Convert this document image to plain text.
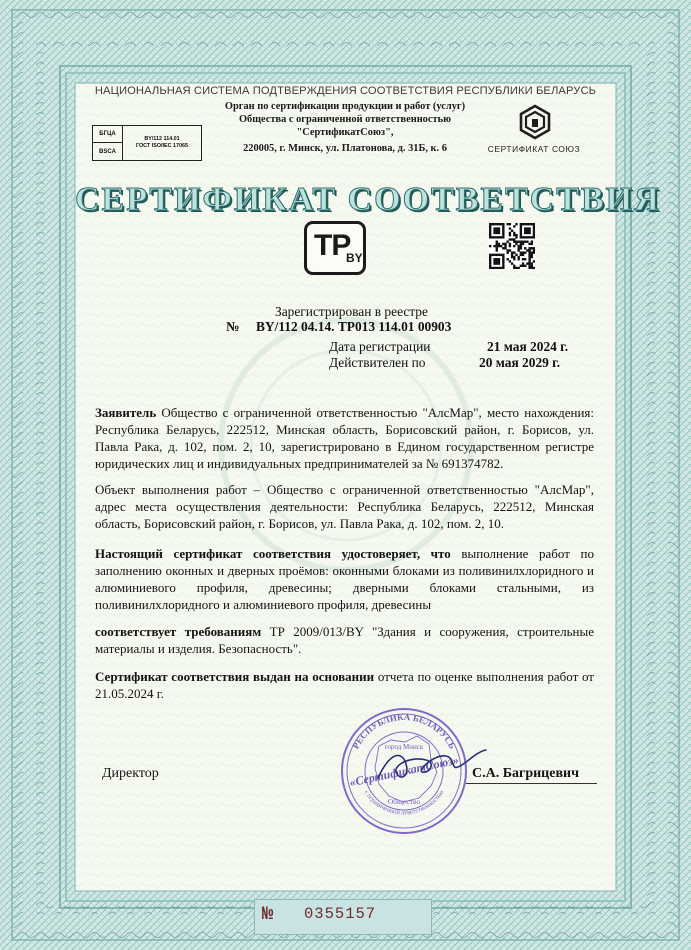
НАЦИОНАЛЬНАЯ СИСТЕМА ПОДТВЕРЖДЕНИЯ СООТВЕТСТВИЯ РЕСПУБЛИКИ БЕЛАРУСЬ
Орган по сертификации продукции и работ (услуг)
Общества с ограниченной ответственностью
"СертификатСоюз",
220005, г. Минск, ул. Платонова, д. 31Б, к. 6
БГЦА
BSCA
BY/112 114.01
ГОСТ ISO/IEC 17065	СЕРТИФИКАТ СОЮЗ
СЕРТИФИКАТ СООТВЕТСТВИЯ
TP
BY
Зарегистрирован в реестре
№ BY/112 04.14. ТР013 114.01 00903
Дата регистрации	21 мая 2024 г.
Действителен по	20 мая 2029 г.
Заявитель Общество с ограниченной ответственностью "АлсМар", место нахождения: Республика Беларусь, 222512, Минская область, Борисовский район, г. Борисов, ул. Павла Рака, д. 102, пом. 2, 10, зарегистрировано в Едином государственном регистре юридических лиц и индивидуальных предпринимателей за № 691374782.
Объект выполнения работ – Общество с ограниченной ответственностью "АлсМар", адрес места осуществления деятельности: Республика Беларусь, 222512, Минская область, Борисовский район, г. Борисов, ул. Павла Рака, д. 102, пом. 2, 10.
Настоящий сертификат соответствия удостоверяет, что выполнение работ по заполнению оконных и дверных проёмов: оконными блоками из поливинилхлоридного и алюминиевого профиля, древесины; дверными блоками стальными, из поливинилхлоридного и алюминиевого профиля, древесины
соответствует требованиям ТР 2009/013/BY "Здания и сооружения, строительные материалы и изделия. Безопасность".
Сертификат соответствия выдан на основании отчета по оценке выполнения работ от 21.05.2024 г.
РЕСПУБЛИКА БЕЛАРУСЬ
город Минск
«СертификатСоюз»
Общество
с ограниченной ответственностью
Директор	С.А. Багрицевич
№ 0355157
